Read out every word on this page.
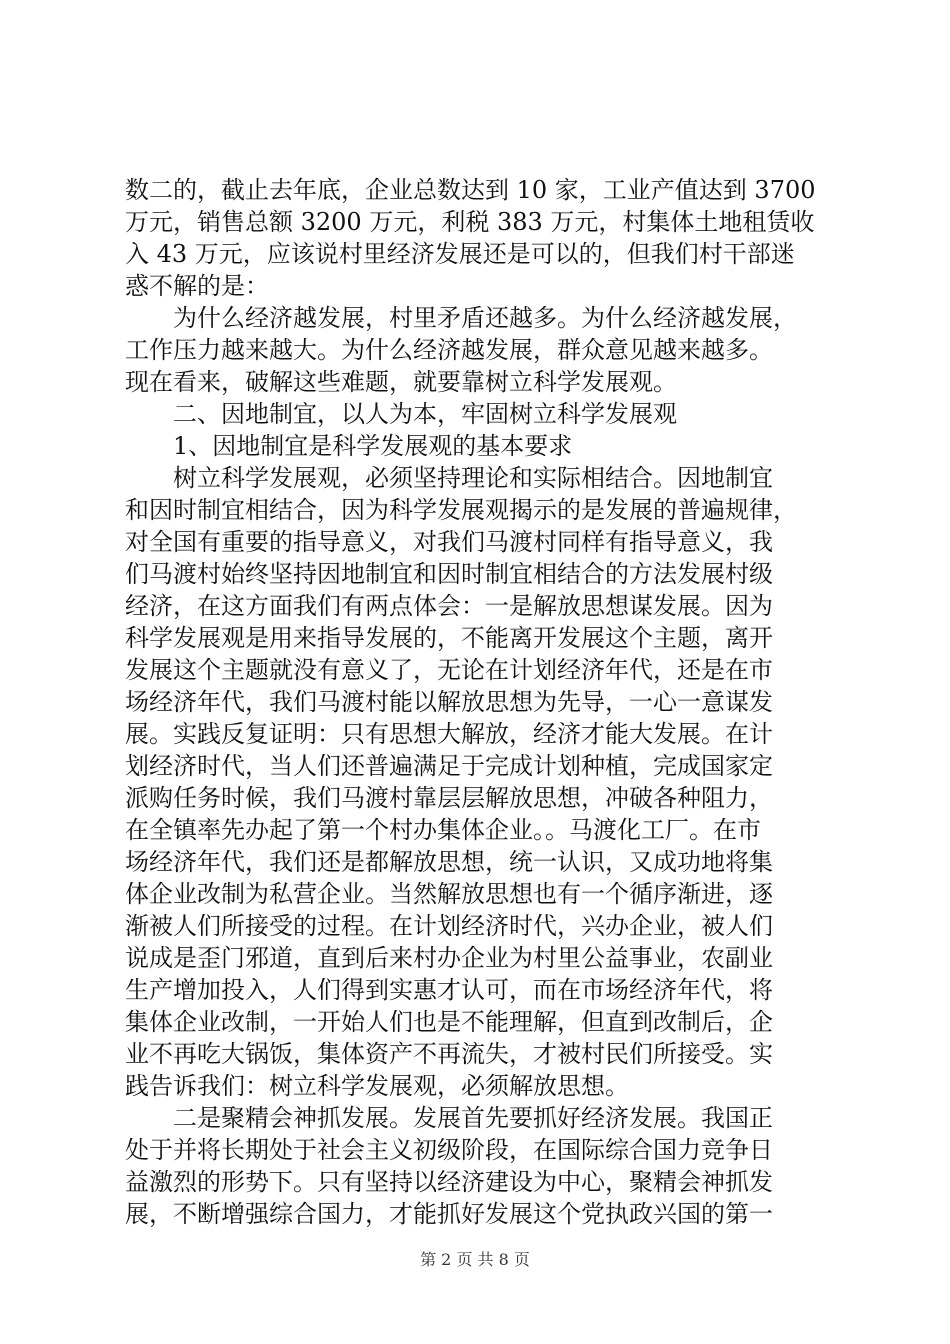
数二的，截止去年底，企业总数达到 10 家，工业产值达到 3700
万元，销售总额 3200 万元，利税 383 万元，村集体土地租赁收
入 43 万元，应该说村里经济发展还是可以的，但我们村干部迷
惑不解的是：
为什么经济越发展，村里矛盾还越多。为什么经济越发展，
工作压力越来越大。为什么经济越发展，群众意见越来越多。
现在看来，破解这些难题，就要靠树立科学发展观。
二、因地制宜，以人为本，牢固树立科学发展观
1、因地制宜是科学发展观的基本要求
树立科学发展观，必须坚持理论和实际相结合。因地制宜
和因时制宜相结合，因为科学发展观揭示的是发展的普遍规律，
对全国有重要的指导意义，对我们马渡村同样有指导意义，我
们马渡村始终坚持因地制宜和因时制宜相结合的方法发展村级
经济，在这方面我们有两点体会：一是解放思想谋发展。因为
科学发展观是用来指导发展的，不能离开发展这个主题，离开
发展这个主题就没有意义了，无论在计划经济年代，还是在市
场经济年代，我们马渡村能以解放思想为先导，一心一意谋发
展。实践反复证明：只有思想大解放，经济才能大发展。在计
划经济时代，当人们还普遍满足于完成计划种植，完成国家定
派购任务时候，我们马渡村靠层层解放思想，冲破各种阻力，
在全镇率先办起了第一个村办集体企业。。马渡化工厂。在市
场经济年代，我们还是都解放思想，统一认识，又成功地将集
体企业改制为私营企业。当然解放思想也有一个循序渐进，逐
渐被人们所接受的过程。在计划经济时代，兴办企业，被人们
说成是歪门邪道，直到后来村办企业为村里公益事业，农副业
生产增加投入，人们得到实惠才认可，而在市场经济年代，将
集体企业改制，一开始人们也是不能理解，但直到改制后，企
业不再吃大锅饭，集体资产不再流失，才被村民们所接受。实
践告诉我们：树立科学发展观，必须解放思想。
二是聚精会神抓发展。发展首先要抓好经济发展。我国正
处于并将长期处于社会主义初级阶段，在国际综合国力竞争日
益激烈的形势下。只有坚持以经济建设为中心，聚精会神抓发
展，不断增强综合国力，才能抓好发展这个党执政兴国的第一
第 2 页 共 8 页
